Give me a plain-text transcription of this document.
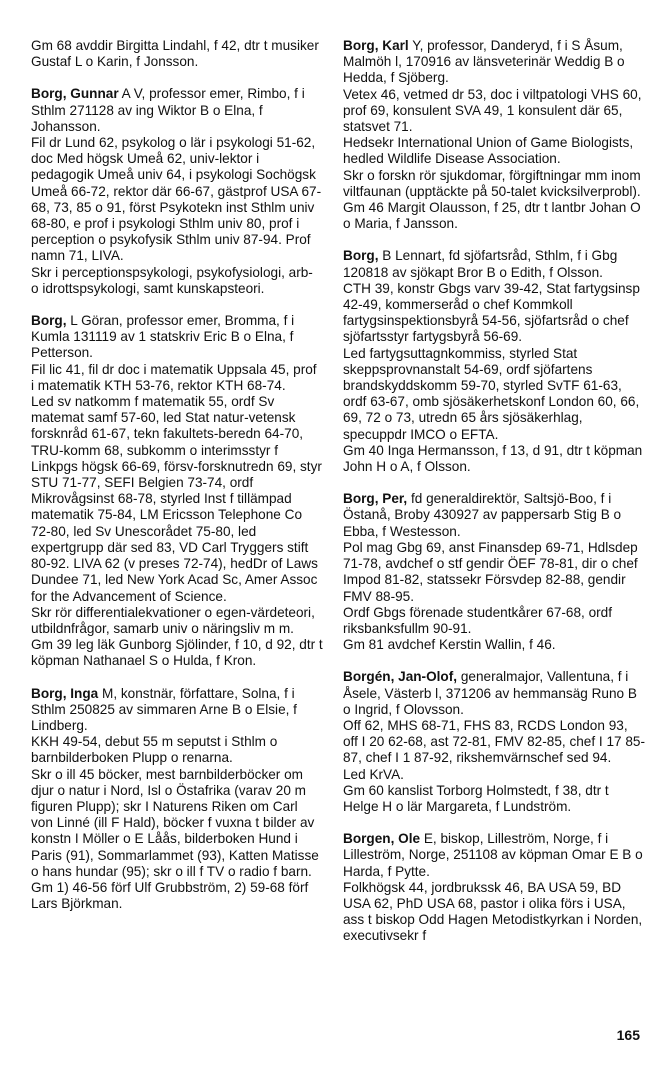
Gm 68 avddir Birgitta Lindahl, f 42, dtr t musiker Gustaf L o Karin, f Jonsson.

Borg, Gunnar A V, professor emer, Rimbo, f i Sthlm 271128 av ing Wiktor B o Elna, f Johansson.

Fil dr Lund 62, psykolog o lär i psykologi 51-62, doc Med högsk Umeå 62, univ-lektor i pedagogik Umeå univ 64, i psykologi Sochögsk Umeå 66-72, rektor där 66-67, gästprof USA 67-68, 73, 85 o 91, först Psykotekn inst Sthlm univ 68-80, e prof i psykologi Sthlm univ 80, prof i perception o psykofysik Sthlm univ 87-94. Prof namn 71, LIVA.

Skr i perceptionspsykologi, psykofysiologi, arb- o idrottspsykologi, samt kunskapsteori.

Borg, L Göran, professor emer, Bromma, f i Kumla 131119 av 1 statskriv Eric B o Elna, f Petterson.

Fil lic 41, fil dr doc i matematik Uppsala 45, prof i matematik KTH 53-76, rektor KTH 68-74.

Led sv natkomm f matematik 55, ordf Sv matemat samf 57-60, led Stat natur-vetensk forsknråd 61-67, tekn fakultets-beredn 64-70, TRU-komm 68, subkomm o interimsstyr f Linkpgs högsk 66-69, försv-forsknutredn 69, styr STU 71-77, SEFI Belgien 73-74, ordf Mikrovågsinst 68-78, styrled Inst f tillämpad matematik 75-84, LM Ericsson Telephone Co 72-80, led Sv Unescorådet 75-80, led expertgrupp där sed 83, VD Carl Tryggers stift 80-92. LIVA 62 (v preses 72-74), hedDr of Laws Dundee 71, led New York Acad Sc, Amer Assoc for the Advancement of Science.

Skr rör differentialekvationer o egen-värdeteori, utbildnfrågor, samarb univ o näringsliv m m.

Gm 39 leg läk Gunborg Sjölinder, f 10, d 92, dtr t köpman Nathanael S o Hulda, f Kron.

Borg, Inga M, konstnär, författare, Solna, f i Sthlm 250825 av simmaren Arne B o Elsie, f Lindberg.

KKH 49-54, debut 55 m seputst i Sthlm o barnbilderboken Plupp o renarna.

Skr o ill 45 böcker, mest barnbilderböcker om djur o natur i Nord, Isl o Östafrika (varav 20 m figuren Plupp); skr I Naturens Riken om Carl von Linné (ill F Hald), böcker f vuxna t bilder av konstn I Möller o E Låås, bilderboken Hund i Paris (91), Sommarlammet (93), Katten Matisse o hans hundar (95); skr o ill f TV o radio f barn.

Gm 1) 46-56 förf Ulf Grubbström, 2) 59-68 förf Lars Björkman.

Borg, Karl Y, professor, Danderyd, f i S Åsum, Malmöh l, 170916 av länsveterinär Weddig B o Hedda, f Sjöberg.

Vetex 46, vetmed dr 53, doc i viltpatologi VHS 60, prof 69, konsulent SVA 49, 1 konsulent där 65, statsvet 71.

Hedsekr International Union of Game Biologists, hedled Wildlife Disease Association.

Skr o forskn rör sjukdomar, förgiftningar mm inom viltfaunan (upptäckte på 50-talet kvicksilverprobl).

Gm 46 Margit Olausson, f 25, dtr t lantbr Johan O o Maria, f Jansson.

Borg, B Lennart, fd sjöfartsråd, Sthlm, f i Gbg 120818 av sjökapt Bror B o Edith, f Olsson.

CTH 39, konstr Gbgs varv 39-42, Stat fartygsinsp 42-49, kommerseråd o chef Kommkoll fartygsinspektionsbyrå 54-56, sjöfartsråd o chef sjöfartsstyr fartygsbyrå 56-69.

Led fartygsuttagnkommiss, styrled Stat skeppsprovnanstalt 54-69, ordf sjöfartens brandskyddskomm 59-70, styrled SvTF 61-63, ordf 63-67, omb sjösäkerhetskonf London 60, 66, 69, 72 o 73, utredn 65 års sjösäkerhlag, specuppdr IMCO o EFTA.

Gm 40 Inga Hermansson, f 13, d 91, dtr t köpman John H o A, f Olsson.

Borg, Per, fd generaldirektör, Saltsjö-Boo, f i Östanå, Broby 430927 av pappersarb Stig B o Ebba, f Westesson.

Pol mag Gbg 69, anst Finansdep 69-71, Hdlsdep 71-78, avdchef o stf gendir ÖEF 78-81, dir o chef Impod 81-82, statssekr Försvdep 82-88, gendir FMV 88-95.

Ordf Gbgs förenade studentkårer 67-68, ordf riksbanksfullm 90-91.

Gm 81 avdchef Kerstin Wallin, f 46.

Borgén, Jan-Olof, generalmajor, Vallentuna, f i Åsele, Västerb l, 371206 av hemmansäg Runo B o Ingrid, f Olovsson.

Off 62, MHS 68-71, FHS 83, RCDS London 93, off I 20 62-68, ast 72-81, FMV 82-85, chef I 17 85-87, chef I 1 87-92, rikshemvärnschef sed 94.

Led KrVA.

Gm 60 kanslist Torborg Holmstedt, f 38, dtr t Helge H o lär Margareta, f Lundström.

Borgen, Ole E, biskop, Lilleström, Norge, f i Lilleström, Norge, 251108 av köpman Omar E B o Harda, f Pytte.

Folkhögsk 44, jordbrukssk 46, BA USA 59, BD USA 62, PhD USA 68, pastor i olika förs i USA, ass t biskop Odd Hagen Metodistkyrkan i Norden, executivsekr f

165
